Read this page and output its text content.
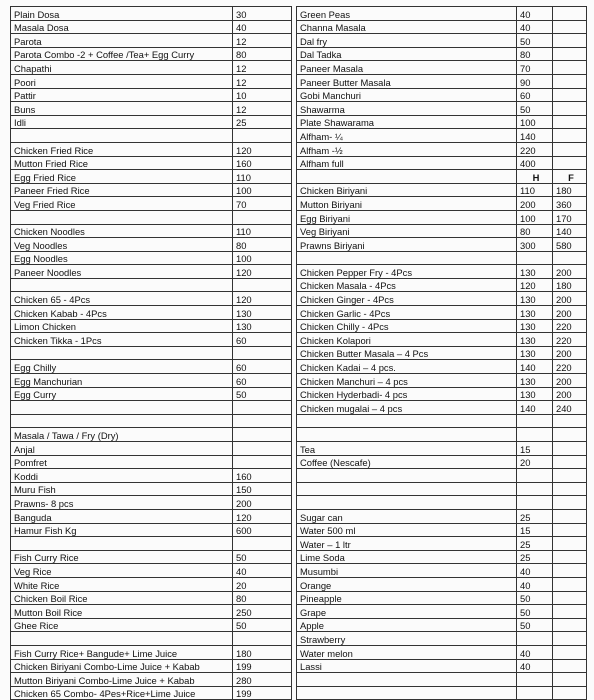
Plain Dosa	30
Masala Dosa	40
Parota	12
Parota Combo -2 + Coffee /Tea+ Egg Curry	80
Chapathi	12
Poori	12
Pattir	10
Buns	12
Idli	25

Chicken Fried Rice	120
Mutton Fried Rice	160
Egg Fried Rice	110
Paneer Fried Rice	100
Veg Fried Rice	70

Chicken Noodles	110
Veg Noodles	80
Egg Noodles	100
Paneer Noodles	120

Chicken 65 - 4Pcs	120
Chicken Kabab - 4Pcs	130
Limon Chicken	130
Chicken Tikka - 1Pcs	60

Egg Chilly	60
Egg Manchurian	60
Egg Curry	50

Masala / Tawa / Fry (Dry)	
Anjal	
Pomfret	
Koddi	160
Muru Fish	150
Prawns- 8 pcs	200
Banguda	120
Hamur Fish Kg	600

Fish Curry Rice	50
Veg Rice	40
White Rice	20
Chicken Boil Rice	80
Mutton Boil Rice	250
Ghee Rice	50

Fish Curry Rice+ Bangude+ Lime Juice	180
Chicken Biriyani Combo-Lime Juice + Kabab	199
Mutton Biriyani Combo-Lime Juice + Kabab	280
Chicken 65 Combo- 4Pes+Rice+Lime Juice	199
Green Peas	40	
Channa Masala	40	
Dal fry	50	
Dal Tadka	80	
Paneer Masala	70	
Paneer Butter Masala	90	
Gobi Manchuri	60	
Shawarma	50	
Plate Shawarama	100	
Alfham- ¼	140	
Alfham -½	220	
Alfham full	400	
	H	F
Chicken Biriyani	110	180
Mutton Biriyani	200	360
Egg Biriyani	100	170
Veg Biriyani	80	140
Prawns Biriyani	300	580

Chicken Pepper Fry - 4Pcs	130	200
Chicken Masala - 4Pcs	120	180
Chicken Ginger - 4Pcs	130	200
Chicken Garlic - 4Pcs	130	200
Chicken Chilly - 4Pcs	130	220
Chicken Kolapori	130	220
Chicken Butter Masala – 4 Pcs	130	200
Chicken Kadai – 4 pcs.	140	220
Chicken Manchuri – 4 pcs	130	200
Chicken Hyderbadi- 4 pcs	130	200
Chicken mugalai – 4 pcs	140	240

Tea	15	
Coffee (Nescafe)	20	

Sugar can	25	
Water 500 ml	15	
Water – 1 ltr	25	
Lime Soda	25	
Musumbi	40	
Orange	40	
Pineapple	50	
Grape	50	
Apple	50	
Strawberry		
Water melon	40	
Lassi	40	
